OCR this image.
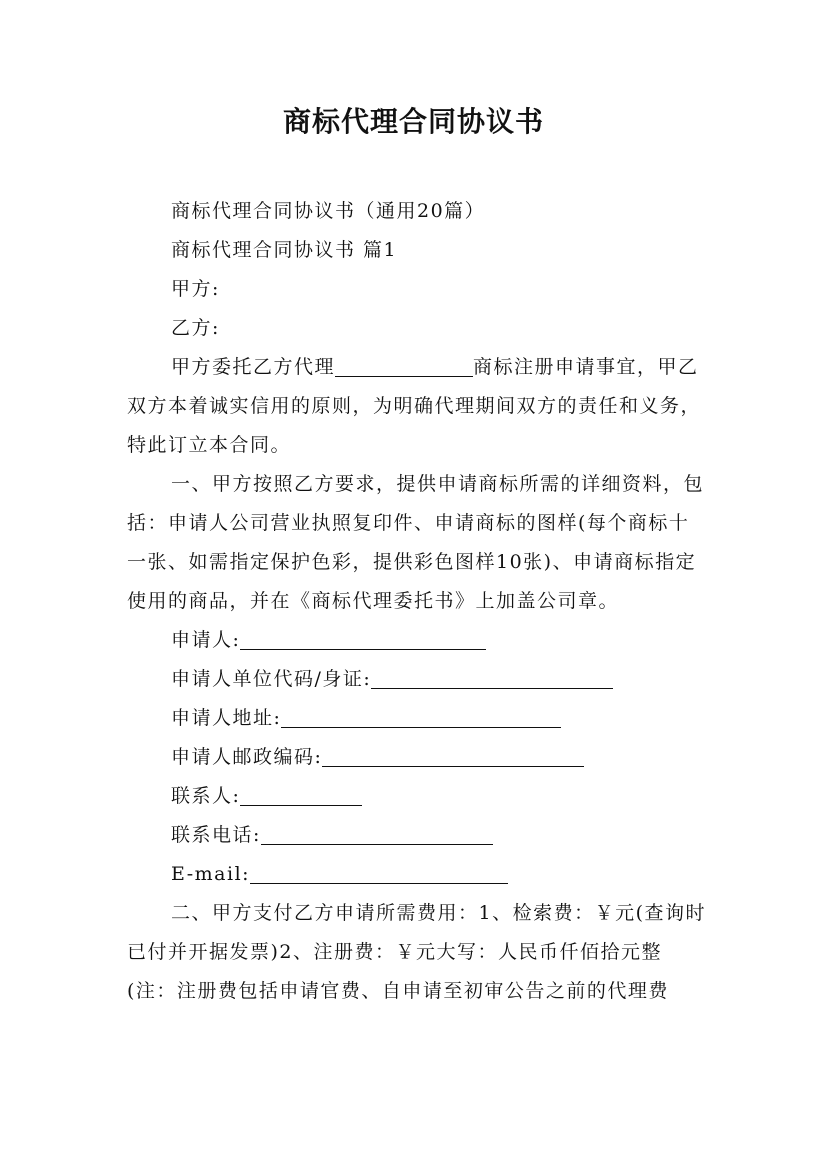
商标代理合同协议书

商标代理合同协议书（通用20篇）

商标代理合同协议书 篇1

甲方:

乙方:

甲方委托乙方代理	商标注册申请事宜，甲乙双方本着诚实信用的原则，为明确代理期间双方的责任和义务，特此订立本合同。

一、甲方按照乙方要求，提供申请商标所需的详细资料，包括：申请人公司营业执照复印件、申请商标的图样(每个商标十一张、如需指定保护色彩，提供彩色图样10张)、申请商标指定使用的商品，并在《商标代理委托书》上加盖公司章。

申请人:

申请人单位代码/身证:

申请人地址:

申请人邮政编码:

联系人:

联系电话:

E-mail:

二、甲方支付乙方申请所需费用：1、检索费：￥元(查询时已付并开据发票)2、注册费：￥元大写：人民币仟佰拾元整(注：注册费包括申请官费、自申请至初审公告之前的代理费
